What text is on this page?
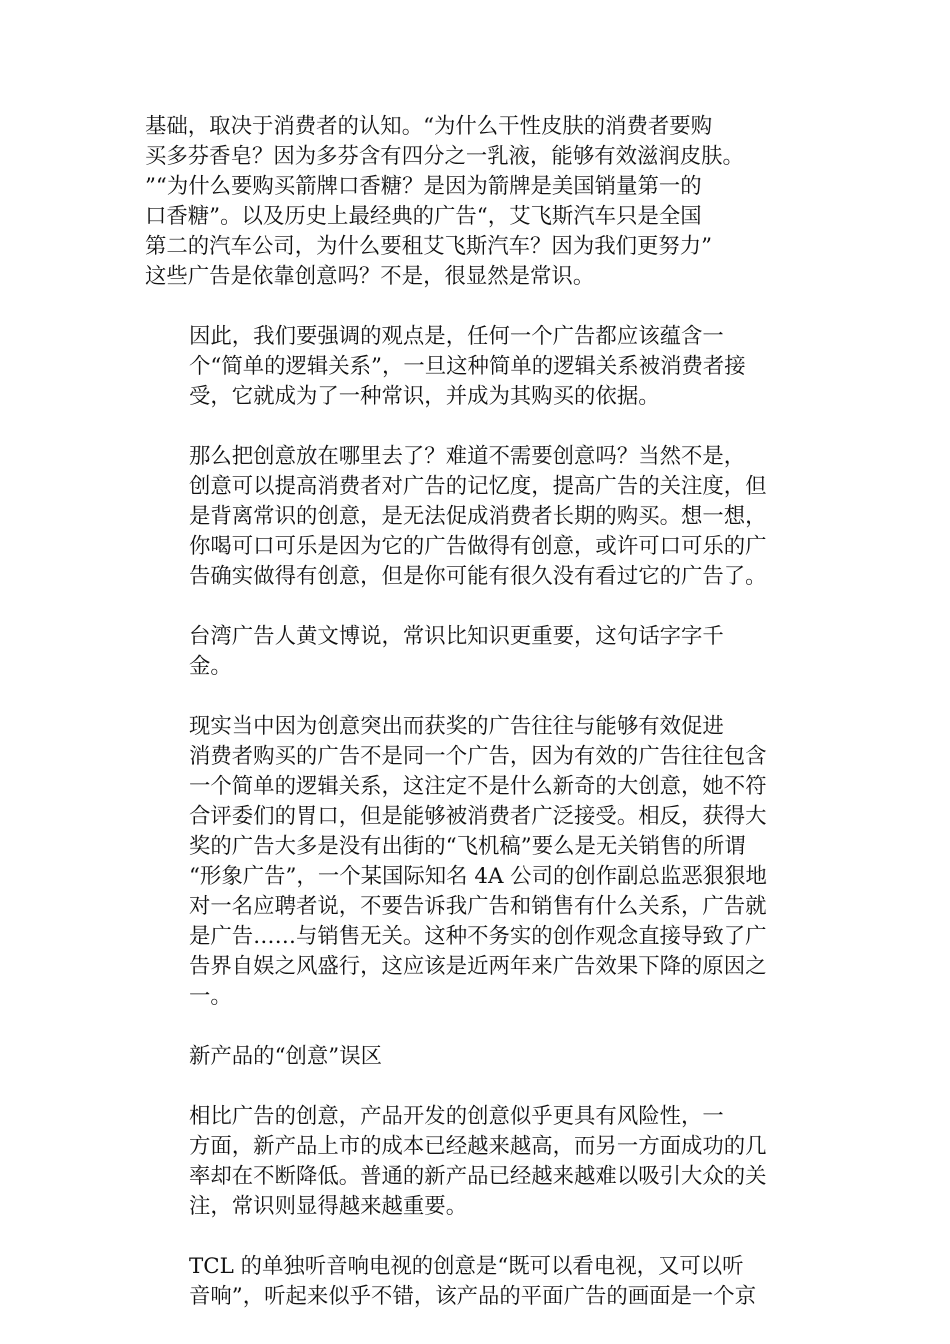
基础，取决于消费者的认知。“为什么干性皮肤的消费者要购
买多芬香皂？因为多芬含有四分之一乳液，能够有效滋润皮肤。
”“为什么要购买箭牌口香糖？是因为箭牌是美国销量第一的
口香糖”。以及历史上最经典的广告“，艾飞斯汽车只是全国
第二的汽车公司，为什么要租艾飞斯汽车？因为我们更努力”
这些广告是依靠创意吗？不是，很显然是常识。

因此，我们要强调的观点是，任何一个广告都应该蕴含一
个“简单的逻辑关系”，一旦这种简单的逻辑关系被消费者接
受，它就成为了一种常识，并成为其购买的依据。

那么把创意放在哪里去了？难道不需要创意吗？当然不是，
创意可以提高消费者对广告的记忆度，提高广告的关注度，但
是背离常识的创意，是无法促成消费者长期的购买。想一想，
你喝可口可乐是因为它的广告做得有创意，或许可口可乐的广
告确实做得有创意，但是你可能有很久没有看过它的广告了。

台湾广告人黄文博说，常识比知识更重要，这句话字字千
金。

现实当中因为创意突出而获奖的广告往往与能够有效促进
消费者购买的广告不是同一个广告，因为有效的广告往往包含
一个简单的逻辑关系，这注定不是什么新奇的大创意，她不符
合评委们的胃口，但是能够被消费者广泛接受。相反，获得大
奖的广告大多是没有出街的“飞机稿”要么是无关销售的所谓
“形象广告”，一个某国际知名 4A 公司的创作副总监恶狠狠地
对一名应聘者说，不要告诉我广告和销售有什么关系，广告就
是广告……与销售无关。这种不务实的创作观念直接导致了广
告界自娱之风盛行，这应该是近两年来广告效果下降的原因之
一。

新产品的“创意”误区

相比广告的创意，产品开发的创意似乎更具有风险性，一
方面，新产品上市的成本已经越来越高，而另一方面成功的几
率却在不断降低。普通的新产品已经越来越难以吸引大众的关
注，常识则显得越来越重要。

TCL 的单独听音响电视的创意是“既可以看电视，又可以听
音响”，听起来似乎不错，该产品的平面广告的画面是一个京
